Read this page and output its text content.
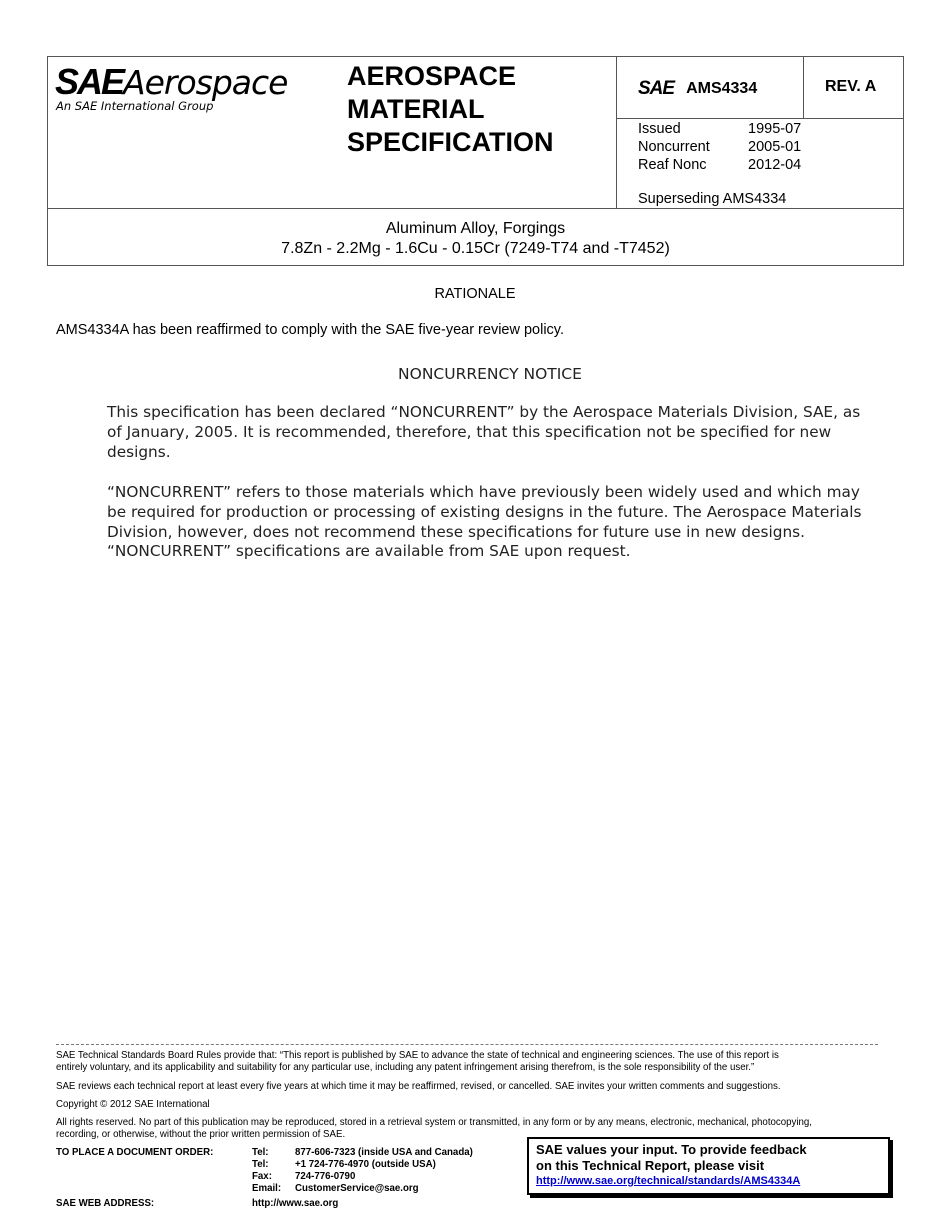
SAEAerospace
An SAE International Group
AEROSPACE
MATERIAL
SPECIFICATION
SAE AMS4334	REV. A
Issued	1995-07
Noncurrent	2005-01
Reaf Nonc	2012-04
Superseding AMS4334
Aluminum Alloy, Forgings
7.8Zn - 2.2Mg - 1.6Cu - 0.15Cr (7249-T74 and -T7452)
RATIONALE
AMS4334A has been reaffirmed to comply with the SAE five-year review policy.
NONCURRENCY NOTICE
This specification has been declared “NONCURRENT” by the Aerospace Materials Division, SAE, as
of January, 2005. It is recommended, therefore, that this specification not be specified for new
designs.
“NONCURRENT” refers to those materials which have previously been widely used and which may
be required for production or processing of existing designs in the future. The Aerospace Materials
Division, however, does not recommend these specifications for future use in new designs.
“NONCURRENT” specifications are available from SAE upon request.
SAE Technical Standards Board Rules provide that: “This report is published by SAE to advance the state of technical and engineering sciences. The use of this report is
entirely voluntary, and its applicability and suitability for any particular use, including any patent infringement arising therefrom, is the sole responsibility of the user.”
SAE reviews each technical report at least every five years at which time it may be reaffirmed, revised, or cancelled. SAE invites your written comments and suggestions.
Copyright © 2012 SAE International
All rights reserved. No part of this publication may be reproduced, stored in a retrieval system or transmitted, in any form or by any means, electronic, mechanical, photocopying,
recording, or otherwise, without the prior written permission of SAE.
TO PLACE A DOCUMENT ORDER:	Tel:	877-606-7323 (inside USA and Canada)
Tel:	+1 724-776-4970 (outside USA)
Fax:	724-776-0790
Email:	CustomerService@sae.org
SAE WEB ADDRESS:	http://www.sae.org
SAE values your input. To provide feedback
on this Technical Report, please visit
http://www.sae.org/technical/standards/AMS4334A
